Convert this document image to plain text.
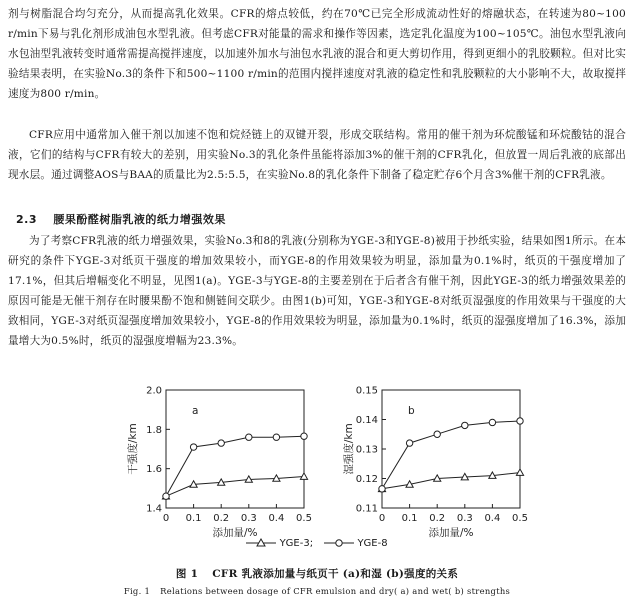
剂与树脂混合均匀充分，从而提高乳化效果。CFR的熔点较低，约在70℃已完全形成流动性好的熔融状态，在转速为80~100 r/min下易与乳化剂形成油包水型乳液。但考虑CFR对能量的需求和操作等因素，选定乳化温度为100~105℃。油包水型乳液向水包油型乳液转变时通常需提高搅拌速度，以加速外加水与油包水乳液的混合和更大剪切作用，得到更细小的乳胶颗粒。但对比实验结果表明，在实验No.3的条件下和500~1100 r/min的范围内搅拌速度对乳液的稳定性和乳胶颗粒的大小影响不大，故取搅拌速度为800 r/min。

CFR应用中通常加入催干剂以加速不饱和烷烃链上的双键开裂，形成交联结构。常用的催干剂为环烷酸锰和环烷酸钴的混合液，它们的结构与CFR有较大的差别，用实验No.3的乳化条件虽能将添加3%的催干剂的CFR乳化，但放置一周后乳液的底部出现水层。通过调整AOS与BAA的质量比为2.5:5.5，在实验No.8的乳化条件下制备了稳定贮存6个月含3%催干剂的CFR乳液。

2.3 腰果酚醛树脂乳液的纸力增强效果

为了考察CFR乳液的纸力增强效果，实验No.3和8的乳液(分别称为YGE-3和YGE-8)被用于抄纸实验，结果如图1所示。在本研究的条件下YGE-3对纸页干强度的增加效果较小，而YGE-8的作用效果较为明显，添加量为0.1%时，纸页的干强度增加了17.1%，但其后增幅变化不明显，见图1(a)。YGE-3与YGE-8的主要差别在于后者含有催干剂，因此YGE-3的纸力增强效果差的原因可能是无催干剂存在时腰果酚不饱和侧链间交联少。由图1(b)可知，YGE-3和YGE-8对纸页湿强度的作用效果与干强度的大致相同，YGE-3对纸页湿强度增加效果较小，YGE-8的作用效果较为明显，添加量为0.1%时，纸页的湿强度增加了16.3%，添加量增大为0.5%时，纸页的湿强度增幅为23.3%。

1.4
1.6
1.8
2.0
0 0.1 0.2 0.3 0.4 0.5
添加量/%
干强度/km
a
0.11
0.12
0.13
0.14
0.15
0 0.1 0.2 0.3 0.4 0.5
添加量/%
湿强度/km
b
YGE-3;	YGE-8
图 1 CFR 乳液添加量与纸页干 (a)和湿 (b)强度的关系
Fig. 1 Relations between dosage of CFR emulsion and dry( a) and wet( b) strengths
